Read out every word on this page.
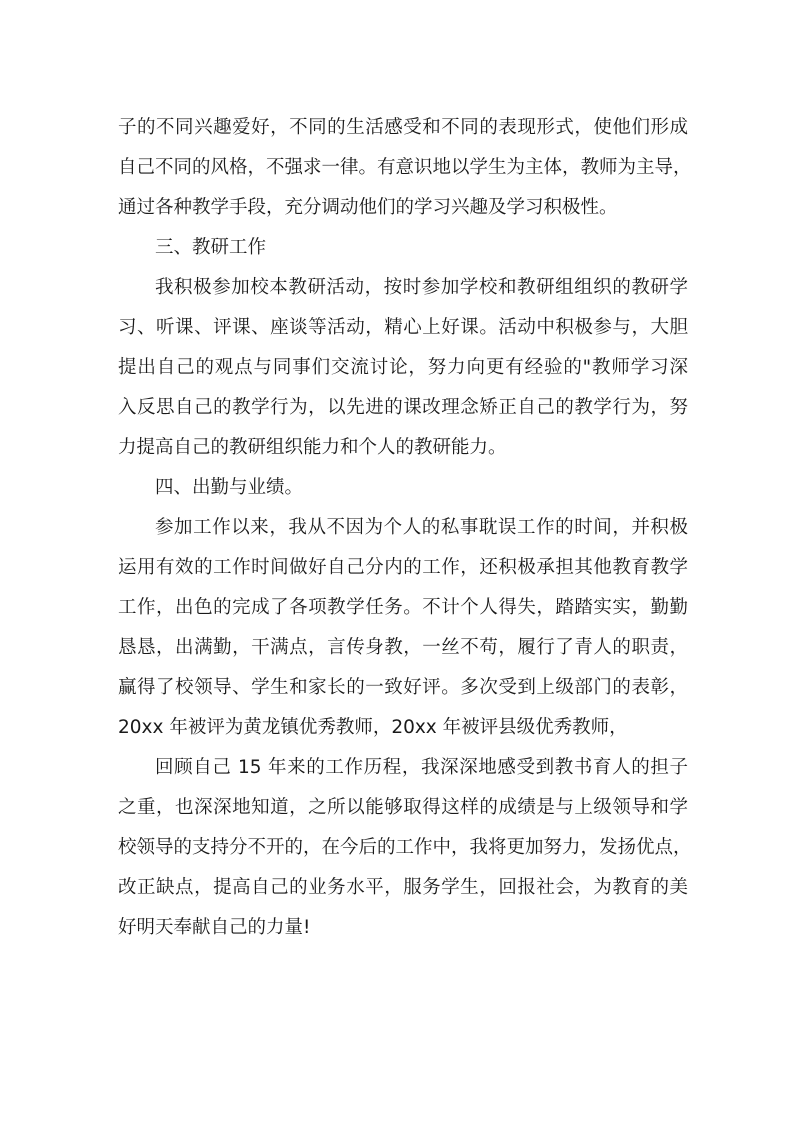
子的不同兴趣爱好，不同的生活感受和不同的表现形式，使他们形成
自己不同的风格，不强求一律。有意识地以学生为主体，教师为主导，
通过各种教学手段，充分调动他们的学习兴趣及学习积极性。
三、教研工作
我积极参加校本教研活动，按时参加学校和教研组组织的教研学
习、听课、评课、座谈等活动，精心上好课。活动中积极参与，大胆
提出自己的观点与同事们交流讨论，努力向更有经验的"教师学习深
入反思自己的教学行为，以先进的课改理念矫正自己的教学行为，努
力提高自己的教研组织能力和个人的教研能力。
四、出勤与业绩。
参加工作以来，我从不因为个人的私事耽误工作的时间，并积极
运用有效的工作时间做好自己分内的工作，还积极承担其他教育教学
工作，出色的完成了各项教学任务。不计个人得失，踏踏实实，勤勤
恳恳，出满勤，干满点，言传身教，一丝不苟，履行了青人的职责，
赢得了校领导、学生和家长的一致好评。多次受到上级部门的表彰，
20xx 年被评为黄龙镇优秀教师，20xx 年被评县级优秀教师，
回顾自己 15 年来的工作历程，我深深地感受到教书育人的担子
之重，也深深地知道，之所以能够取得这样的成绩是与上级领导和学
校领导的支持分不开的，在今后的工作中，我将更加努力，发扬优点，
改正缺点，提高自己的业务水平，服务学生，回报社会，为教育的美
好明天奉献自己的力量!
